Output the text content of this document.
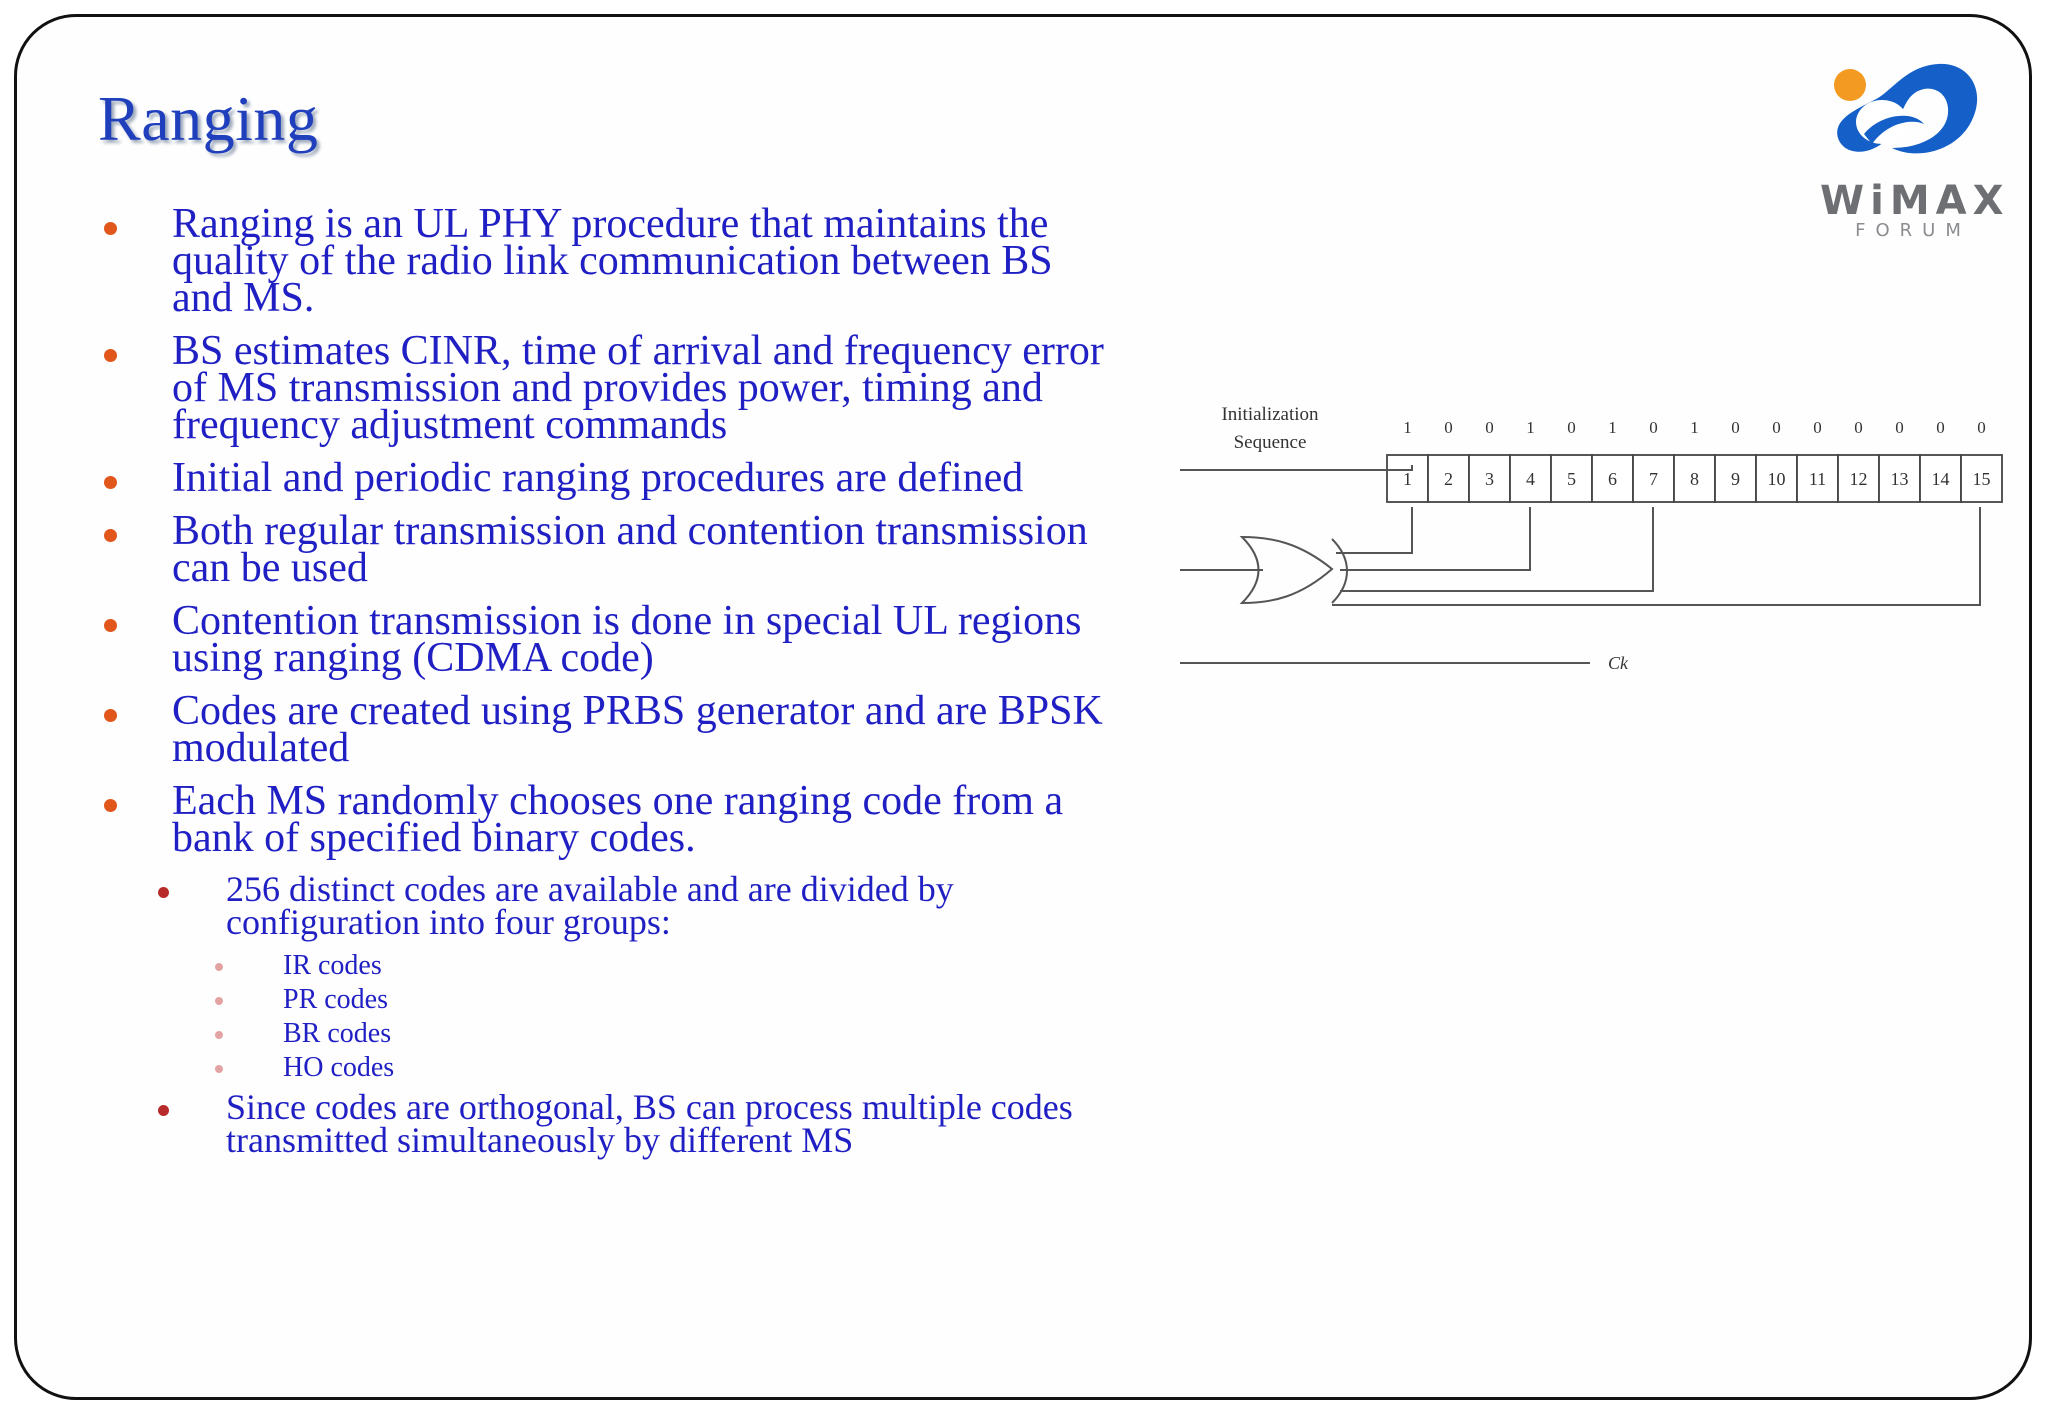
Ranging
WiMAX
FORUM
Ranging is an UL PHY procedure that maintains the quality of the radio link communication between BS and MS.
BS estimates CINR, time of arrival and frequency error of MS transmission and provides power, timing and frequency adjustment commands
Initial and periodic ranging procedures are defined
Both regular transmission and contention transmission can be used
Contention transmission is done in special UL regions using ranging (CDMA code)
Codes are created using PRBS generator and are BPSK modulated
Each MS randomly chooses one ranging code from a bank of specified binary codes.
256 distinct codes are available and are divided by configuration into four groups:
IR codes
PR codes
BR codes
HO codes
Since codes are orthogonal, BS can process multiple codes transmitted simultaneously by different MS
Initialization
Sequence
1 0 0 1 0 1 0 1 0 0 0 0 0 0 0
1 2 3 4 5 6 7 8 9 10 11 12 13 14 15
Ck
